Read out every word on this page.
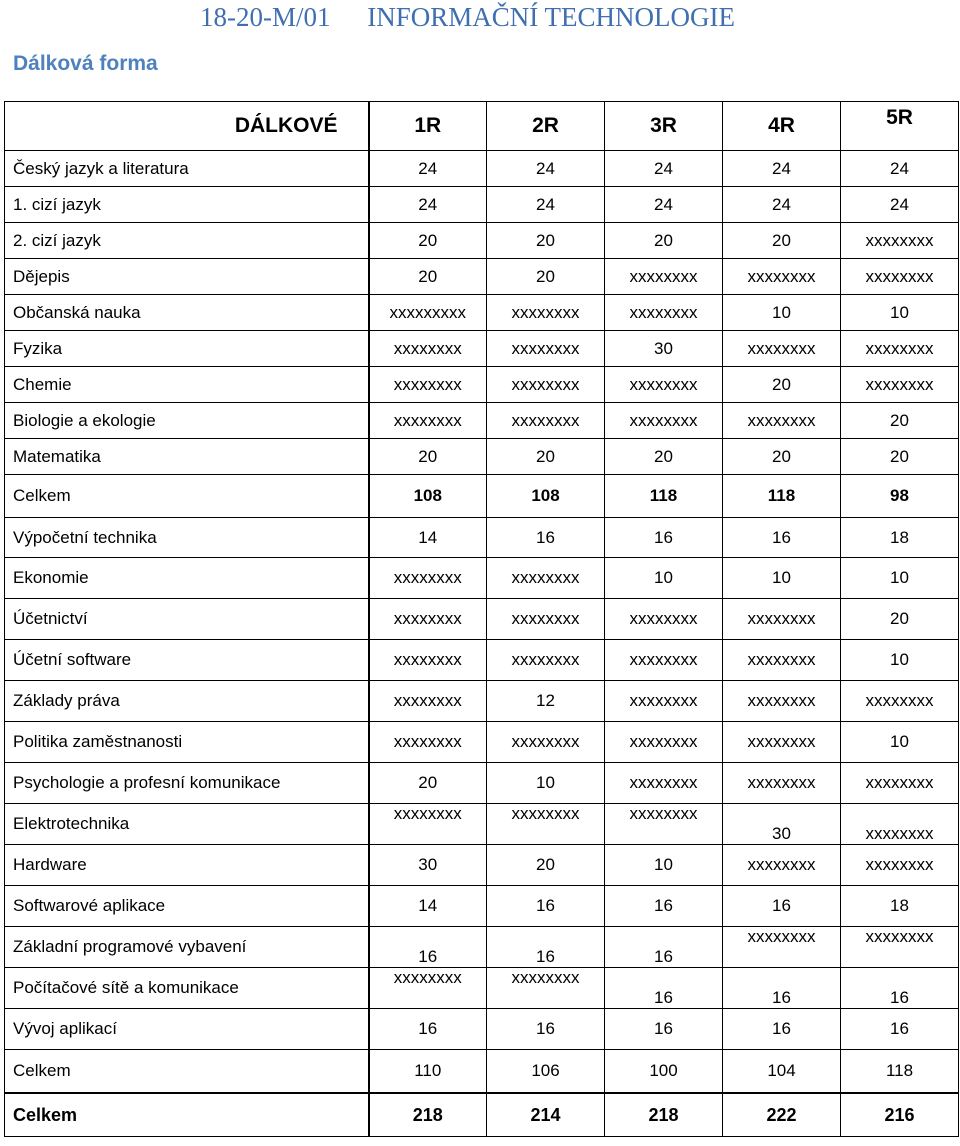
18-20-M/01 INFORMAČNÍ TECHNOLOGIE
Dálková forma
DÁLKOVÉ	1R	2R	3R	4R	5R
Český jazyk a literatura	24	24	24	24	24
1. cizí jazyk	24	24	24	24	24
2. cizí jazyk	20	20	20	20	xxxxxxxx
Dějepis	20	20	xxxxxxxx	xxxxxxxx	xxxxxxxx
Občanská nauka	xxxxxxxxx	xxxxxxxx	xxxxxxxx	10	10
Fyzika	xxxxxxxx	xxxxxxxx	30	xxxxxxxx	xxxxxxxx
Chemie	xxxxxxxx	xxxxxxxx	xxxxxxxx	20	xxxxxxxx
Biologie a ekologie	xxxxxxxx	xxxxxxxx	xxxxxxxx	xxxxxxxx	20
Matematika	20	20	20	20	20
Celkem	108	108	118	118	98
Výpočetní technika	14	16	16	16	18
Ekonomie	xxxxxxxx	xxxxxxxx	10	10	10
Účetnictví	xxxxxxxx	xxxxxxxx	xxxxxxxx	xxxxxxxx	20
Účetní software	xxxxxxxx	xxxxxxxx	xxxxxxxx	xxxxxxxx	10
Základy práva	xxxxxxxx	12	xxxxxxxx	xxxxxxxx	xxxxxxxx
Politika zaměstnanosti	xxxxxxxx	xxxxxxxx	xxxxxxxx	xxxxxxxx	10
Psychologie a profesní komunikace	20	10	xxxxxxxx	xxxxxxxx	xxxxxxxx
Elektrotechnika	xxxxxxxx	xxxxxxxx	xxxxxxxx	30	xxxxxxxx
Hardware	30	20	10	xxxxxxxx	xxxxxxxx
Softwarové aplikace	14	16	16	16	18
Základní programové vybavení	16	16	16	xxxxxxxx	xxxxxxxx
Počítačové sítě a komunikace	xxxxxxxx	xxxxxxxx	16	16	16
Vývoj aplikací	16	16	16	16	16
Celkem	110	106	100	104	118
Celkem	218	214	218	222	216
